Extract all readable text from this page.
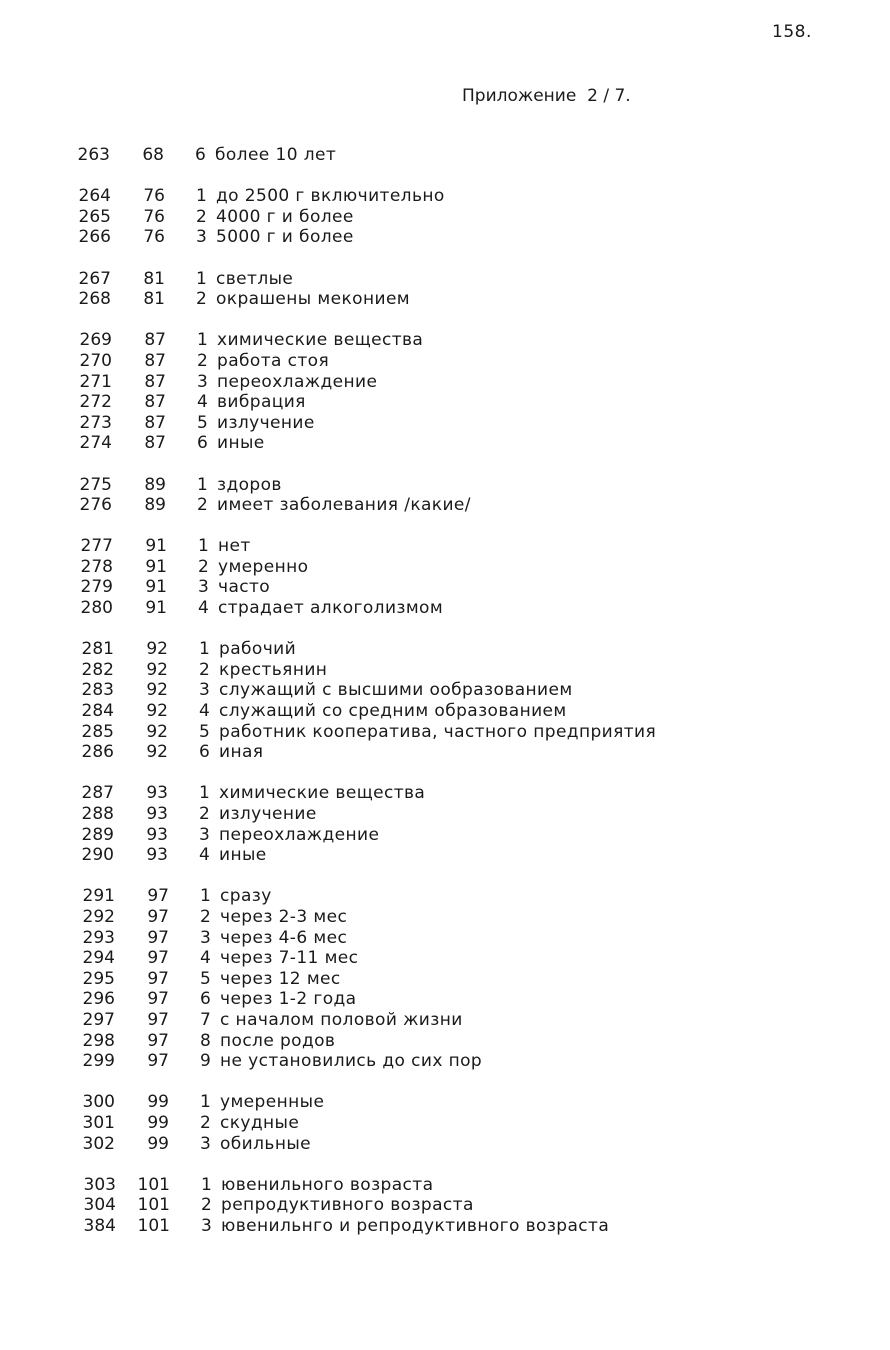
158.
Приложение  2 / 7.
263	68 6 более 10 лет
264	76 1 до 2500 г включительно
265	76 2 4000 г и более
266	76 3 5000 г и более
267	81 1 светлые
268	81 2 окрашены меконием
269	87 1 химические вещества
270	87 2 работа стоя
271	87 3 переохлаждение
272	87 4 вибрация
273	87 5 излучение
274	87 6 иные
275	89 1 здоров
276	89 2 имеет заболевания /какие/
277	91 1 нет
278	91 2 умеренно
279	91 3 часто
280	91 4 страдает алкоголизмом
281	92 1 рабочий
282	92 2 крестьянин
283	92 3 служащий с высшими ообразованием
284	92 4 служащий со средним образованием
285	92 5 работник кооператива, частного предприятия
286	92 6 иная
287	93 1 химические вещества
288	93 2 излучение
289	93 3 переохлаждение
290	93 4 иные
291	97 1 сразу
292	97 2 через 2-3 мес
293	97 3 через 4-6 мес
294	97 4 через 7-11 мес
295	97 5 через 12 мес
296	97 6 через 1-2 года
297	97 7 с началом половой жизни
298	97 8 после родов
299	97 9 не установились до сих пор
300	99 1 умеренные
301	99 2 скудные
302	99 3 обильные
303 101 1 ювенильного возраста
304 101 2 репродуктивного возраста
384 101 3 ювенильнго и репродуктивного возраста
